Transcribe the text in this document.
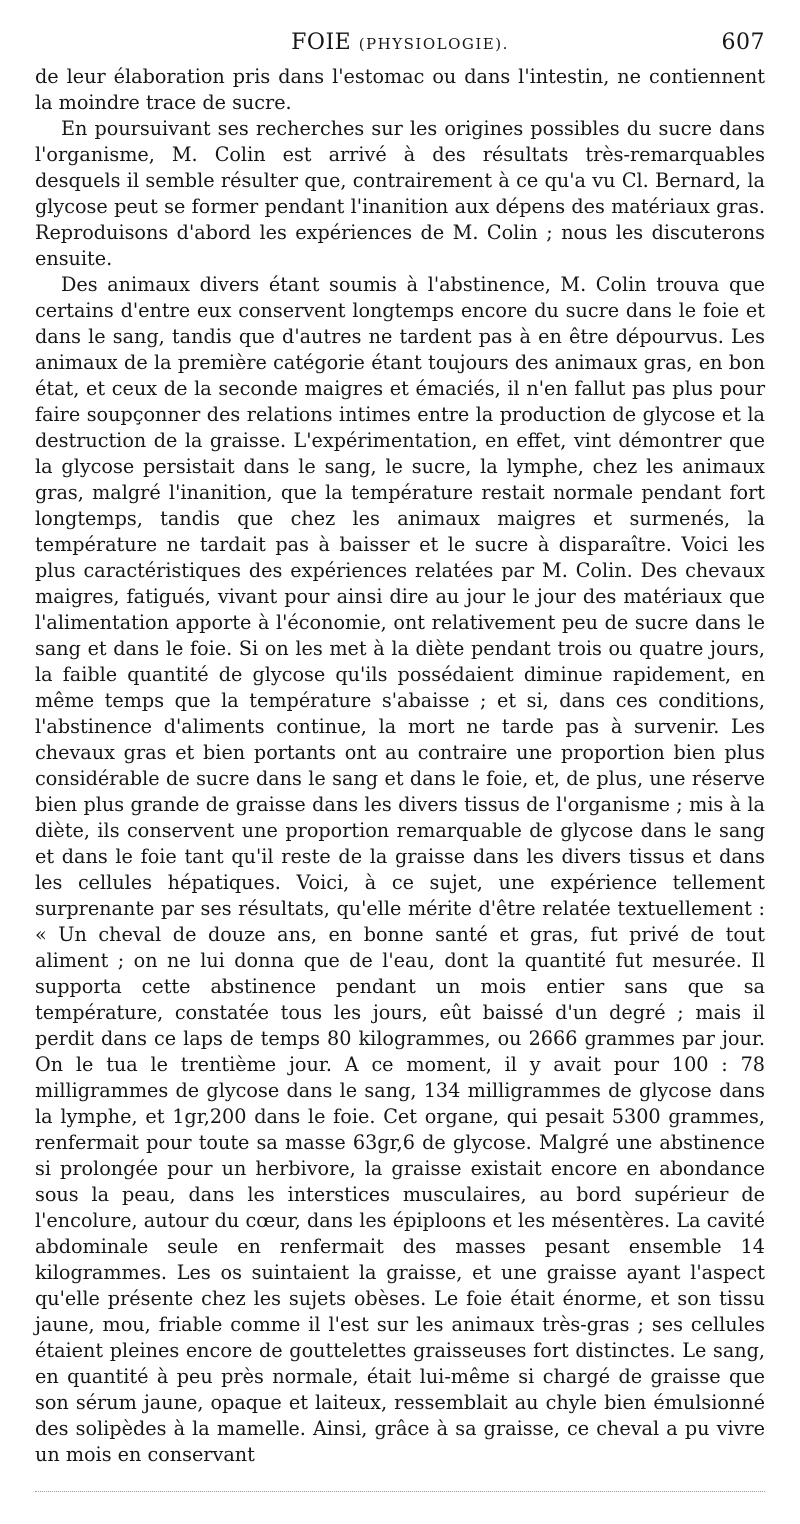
FOIE (PHYSIOLOGIE).	607

de leur élaboration pris dans l'estomac ou dans l'intestin, ne contiennent la moindre trace de sucre.

En poursuivant ses recherches sur les origines possibles du sucre dans l'organisme, M. Colin est arrivé à des résultats très-remarquables desquels il semble résulter que, contrairement à ce qu'a vu Cl. Bernard, la glycose peut se former pendant l'inanition aux dépens des matériaux gras. Reproduisons d'abord les expériences de M. Colin ; nous les discuterons ensuite.

Des animaux divers étant soumis à l'abstinence, M. Colin trouva que certains d'entre eux conservent longtemps encore du sucre dans le foie et dans le sang, tandis que d'autres ne tardent pas à en être dépourvus. Les animaux de la première catégorie étant toujours des animaux gras, en bon état, et ceux de la seconde maigres et émaciés, il n'en fallut pas plus pour faire soupçonner des relations intimes entre la production de glycose et la destruction de la graisse. L'expérimentation, en effet, vint démontrer que la glycose persistait dans le sang, le sucre, la lymphe, chez les animaux gras, malgré l'inanition, que la température restait normale pendant fort longtemps, tandis que chez les animaux maigres et surmenés, la température ne tardait pas à baisser et le sucre à disparaître. Voici les plus caractéristiques des expériences relatées par M. Colin. Des chevaux maigres, fatigués, vivant pour ainsi dire au jour le jour des matériaux que l'alimentation apporte à l'économie, ont relativement peu de sucre dans le sang et dans le foie. Si on les met à la diète pendant trois ou quatre jours, la faible quantité de glycose qu'ils possédaient diminue rapidement, en même temps que la température s'abaisse ; et si, dans ces conditions, l'abstinence d'aliments continue, la mort ne tarde pas à survenir. Les chevaux gras et bien portants ont au contraire une proportion bien plus considérable de sucre dans le sang et dans le foie, et, de plus, une réserve bien plus grande de graisse dans les divers tissus de l'organisme ; mis à la diète, ils conservent une proportion remarquable de glycose dans le sang et dans le foie tant qu'il reste de la graisse dans les divers tissus et dans les cellules hépatiques. Voici, à ce sujet, une expérience tellement surprenante par ses résultats, qu'elle mérite d'être relatée textuellement : « Un cheval de douze ans, en bonne santé et gras, fut privé de tout aliment ; on ne lui donna que de l'eau, dont la quantité fut mesurée. Il supporta cette abstinence pendant un mois entier sans que sa température, constatée tous les jours, eût baissé d'un degré ; mais il perdit dans ce laps de temps 80 kilogrammes, ou 2666 grammes par jour. On le tua le trentième jour. A ce moment, il y avait pour 100 : 78 milligrammes de glycose dans le sang, 134 milligrammes de glycose dans la lymphe, et 1gr,200 dans le foie. Cet organe, qui pesait 5300 grammes, renfermait pour toute sa masse 63gr,6 de glycose. Malgré une abstinence si prolongée pour un herbivore, la graisse existait encore en abondance sous la peau, dans les interstices musculaires, au bord supérieur de l'encolure, autour du cœur, dans les épiploons et les mésentères. La cavité abdominale seule en renfermait des masses pesant ensemble 14 kilogrammes. Les os suintaient la graisse, et une graisse ayant l'aspect qu'elle présente chez les sujets obèses. Le foie était énorme, et son tissu jaune, mou, friable comme il l'est sur les animaux très-gras ; ses cellules étaient pleines encore de gouttelettes graisseuses fort distinctes. Le sang, en quantité à peu près normale, était lui-même si chargé de graisse que son sérum jaune, opaque et laiteux, ressemblait au chyle bien émulsionné des solipèdes à la mamelle. Ainsi, grâce à sa graisse, ce cheval a pu vivre un mois en conservant
